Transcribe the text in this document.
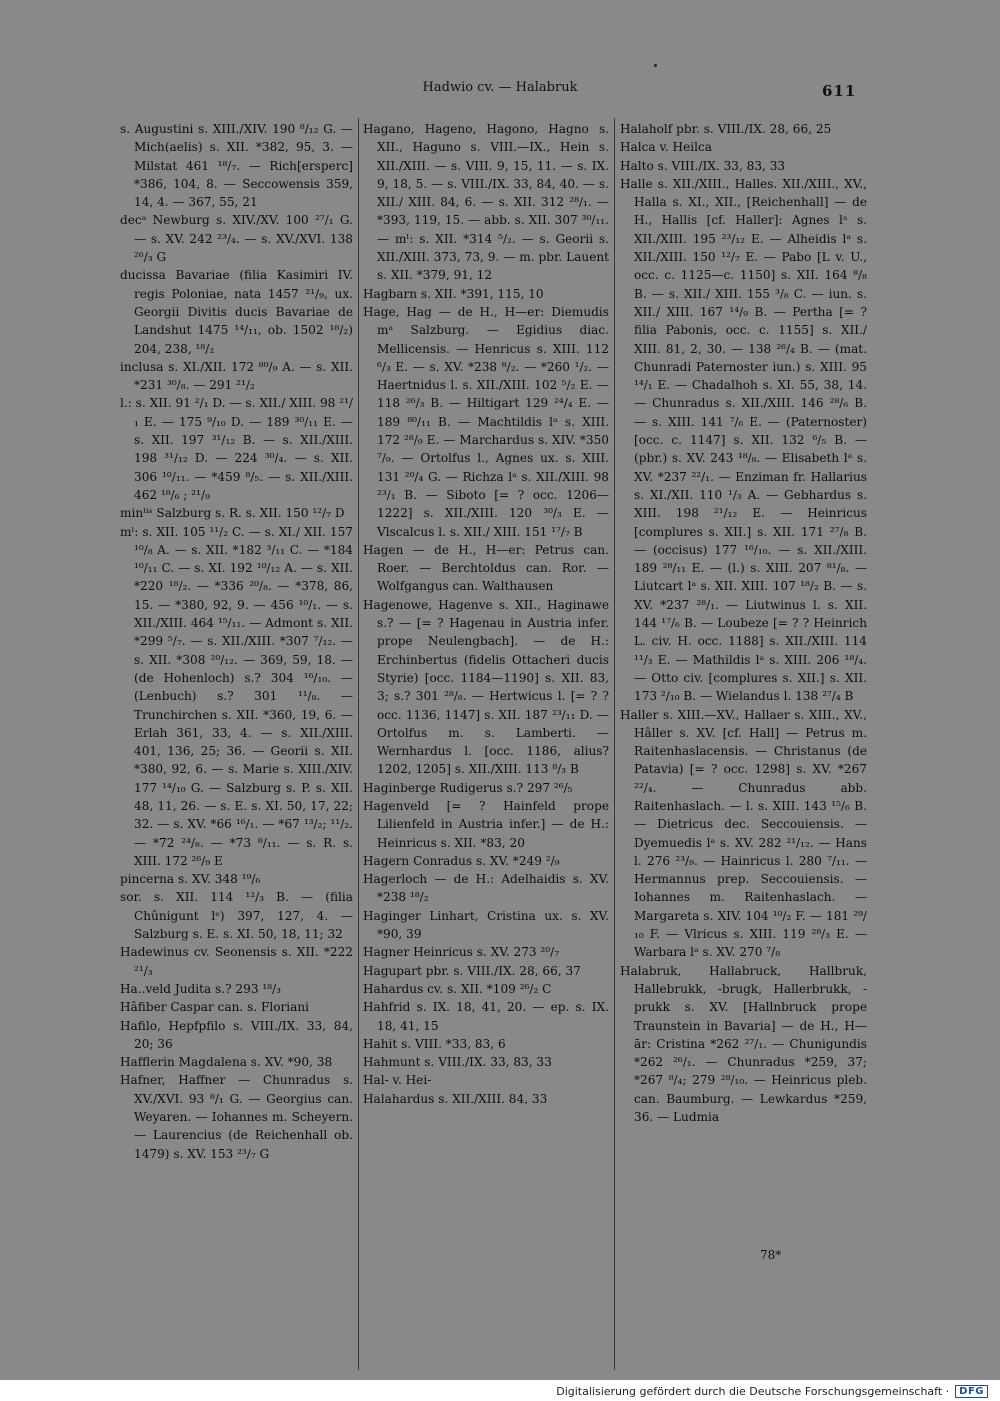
Hadwio cv. — Halabruk	611

s. Augustini s. XIII./XIV. 190 ⁸/₁₂ G. — Mich(aelis) s. XII. *382, 95, 3. — Milstat 461 ¹⁸/₇. — Rich[ersperc] *386, 104, 8. — Seccowensis 359, 14, 4. — 367, 55, 21

decᵃ Newburg s. XIV./XV. 100 ²⁷/₁ G. — s. XV. 242 ²³/₄. — s. XV./XVI. 138 ²⁶/₃ G

ducissa Bavariae (filia Kasimiri IV. regis Poloniae, nata 1457 ²¹/₉, ux. Georgii Divitis ducis Bavariae de Landshut 1475 ¹⁴/₁₁, ob. 1502 ¹⁸/₂) 204, 238, ¹⁸/₂

inclusa s. XI./XII. 172 ⁸⁰/₉ A. — s. XII. *231 ³⁰/₈. — 291 ²¹/₂

l.: s. XII. 91 ²/₁ D. — s. XII./ XIII. 98 ²¹/₁ E. — 175 ⁹/₁₀ D. — 189 ³⁰/₁₁ E. — s. XII. 197 ³¹/₁₂ B. — s. XII./XIII. 198 ³¹/₁₂ D. — 224 ³⁰/₄. — s. XII. 306 ¹⁰/₁₁. — *459 ⁸/₅. — s. XII./XIII. 462 ¹⁸/₆ ; ²¹/₉

minˡⁱˢ Salzburg s. R. s. XII. 150 ¹²/₇ D

mˡ: s. XII. 105 ¹¹/₂ C. — s. XI./ XII. 157 ¹⁰/₈ A. — s. XII. *182 ³/₁₁ C. — *184 ¹⁰/₁₁ C. — s. XI. 192 ¹⁰/₁₂ A. — s. XII. *220 ¹⁸/₂. — *336 ²⁰/₈. — *378, 86, 15. — *380, 92, 9. — 456 ¹⁰/₁. — s. XII./XIII. 464 ¹⁵/₁₁. — Admont s. XII. *299 ⁵/₇. — s. XII./XIII. *307 ⁷/₁₂. — s. XII. *308 ²⁰/₁₂. — 369, 59, 18. — (de Hohenloch) s.? 304 ¹⁶/₁₀. — (Lenbuch) s.? 301 ¹¹/₈. — Trunchirchen s. XII. *360, 19, 6. — Erlah 361, 33, 4. — s. XII./XIII. 401, 136, 25; 36. — Georii s. XII. *380, 92, 6. — s. Marie s. XIII./XIV. 177 ¹⁴/₁₀ G. — Salzburg s. P. s. XII. 48, 11, 26. — s. E. s. XI. 50, 17, 22; 32. — s. XV. *66 ¹⁶/₁. — *67 ¹³/₂; ¹¹/₂. — *72 ²⁴/₈. — *73 ⁸/₁₁. — s. R. s. XIII. 172 ²⁶/₉ E

pincerna s. XV. 348 ¹⁹/₆

sor. s. XII. 114 ¹²/₃ B. — (filia Chûnigunt lᵉ) 397, 127, 4. — Salzburg s. E. s. XI. 50, 18, 11; 32

Hadewinus cv. Seonensis s. XII. *222 ²¹/₃

Ha..veld Judita s.? 293 ¹⁸/₃

Hâfiber Caspar can. s. Floriani

Hafilo, Hepfpfilo s. VIII./IX. 33, 84, 20; 36

Hafflerin Magdalena s. XV. *90, 38

Hafner, Haffner — Chunradus s. XV./XVI. 93 ⁸/₁ G. — Georgius can. Weyaren. — Iohannes m. Scheyern. — Laurencius (de Reichenhall ob. 1479) s. XV. 153 ²³/₇ G

Hagano, Hageno, Hagono, Hagno s. XII., Haguno s. VIII.—IX., Hein s. XII./XIII. — s. VIII. 9, 15, 11. — s. IX. 9, 18, 5. — s. VIII./IX. 33, 84, 40. — s. XII./ XIII. 84, 6. — s. XII. 312 ²⁸/₁. — *393, 119, 15. — abb. s. XII. 307 ³⁰/₁₁. — mˡ: s. XII. *314 ⁵/₂. — s. Georii s. XII./XIII. 373, 73, 9. — m. pbr. Lauent s. XII. *379, 91, 12

Hagbarn s. XII. *391, 115, 10

Hage, Hag — de H., H—er: Diemudis mᵃ Salzburg. — Egidius diac. Mellicensis. — Henricus s. XIII. 112 ⁶/₃ E. — s. XV. *238 ⁸/₂. — *260 ¹/₂. — Haertnidus l. s. XII./XIII. 102 ⁵/₂ E. — 118 ²⁶/₃ B. — Hiltigart 129 ²⁴/₄ E. — 189 ⁸⁰/₁₁ B. — Machtildis lᵃ s. XIII. 172 ²⁸/₉ E. — Marchardus s. XIV. *350 ⁷/₉. — Ortolfus l., Agnes ux. s. XIII. 131 ²⁰/₄ G. — Richza lᵃ s. XII./XIII. 98 ²³/₁ B. — Siboto [= ? occ. 1206—1222] s. XII./XIII. 120 ³⁰/₃ E. — Vlscalcus l. s. XII./ XIII. 151 ¹⁷/₇ B

Hagen — de H., H—er: Petrus can. Roer. — Berchtoldus can. Ror. — Wolfgangus can. Walthausen

Hagenowe, Hagenve s. XII., Haginawe s.? — [= ? Hagenau in Austria infer. prope Neulengbach]. — de H.: Erchinbertus (fidelis Ottacheri ducis Styrie) [occ. 1184—1190] s. XII. 83, 3; s.? 301 ²⁸/₈. — Hertwicus l. [= ? ? occ. 1136, 1147] s. XII. 187 ²³/₁₁ D. — Ortolfus m. s. Lamberti. — Wernhardus l. [occ. 1186, alius? 1202, 1205] s. XII./XIII. 113 ⁸/₃ B

Haginberge Rudigerus s.? 297 ²⁶/₅

Hagenveld [= ? Hainfeld prope Lilienfeld in Austria infer.] — de H.: Heinricus s. XII. *83, 20

Hagern Conradus s. XV. *249 ²/₉

Hagerloch — de H.: Adelhaidis s. XV. *238 ¹⁸/₂

Haginger Linhart, Cristina ux. s. XV. *90, 39

Hagner Heinricus s. XV. 273 ²⁰/₇

Hagupart pbr. s. VIII./IX. 28, 66, 37

Hahardus cv. s. XII. *109 ²⁶/₂ C

Hahfrid s. IX. 18, 41, 20. — ep. s. IX. 18, 41, 15

Hahit s. VIII. *33, 83, 6

Hahmunt s. VIII./IX. 33, 83, 33

Hal- v. Hei-

Halahardus s. XII./XIII. 84, 33

Halaholf pbr. s. VIII./IX. 28, 66, 25

Halca v. Heilca

Halto s. VIII./IX. 33, 83, 33

Halle s. XII./XIII., Halles. XII./XIII., XV., Halla s. XI., XII., [Reichenhall] — de H., Hallis [cf. Haller]: Agnes lᵃ s. XII./XIII. 195 ²³/₁₂ E. — Alheidis lᵃ s. XII./XIII. 150 ¹²/₇ E. — Pabo [L v. U., occ. c. 1125—c. 1150] s. XII. 164 ⁸/₈ B. — s. XII./ XIII. 155 ³/₈ C. — iun. s. XII./ XIII. 167 ¹⁴/₉ B. — Pertha [= ? filia Pabonis, occ. c. 1155] s. XII./ XIII. 81, 2, 30. — 138 ²⁶/₄ B. — (mat. Chunradi Paternoster iun.) s. XIII. 95 ¹⁴/₁ E. — Chadalhoh s. XI. 55, 38, 14. — Chunradus s. XII./XIII. 146 ²⁸/₆ B. — s. XIII. 141 ⁷/₆ E. — (Paternoster) [occ. c. 1147] s. XII. 132 ⁶/₅ B. — (pbr.) s. XV. 243 ¹⁸/₈. — Elisabeth lᵃ s. XV. *237 ²²/₁. — Enziman fr. Hallarius s. XI./XII. 110 ¹/₃ A. — Gebhardus s. XIII. 198 ²¹/₁₂ E. — Heinricus [complures s. XII.] s. XII. 171 ²⁷/₈ B. — (occisus) 177 ¹⁶/₁₀. — s. XII./XIII. 189 ²⁸/₁₁ E. — (l.) s. XIII. 207 ⁸¹/₈. — Liutcart lᵃ s. XII. XIII. 107 ¹⁸/₂ B. — s. XV. *237 ²⁸/₁. — Liutwinus l. s. XII. 144 ¹⁷/₆ B. — Loubeze [= ? ? Heinrich L. civ. H. occ. 1188] s. XII./XIII. 114 ¹¹/₃ E. — Mathildis lᵃ s. XIII. 206 ¹⁸/₄. — Otto civ. [complures s. XII.] s. XII. 173 ²/₁₀ B. — Wielandus l. 138 ²⁷/₄ B

Haller s. XIII.—XV., Hallaer s. XIII., XV., Hâller s. XV. [cf. Hall] — Petrus m. Raitenhaslacensis. — Christanus (de Patavia) [= ? occ. 1298] s. XV. *267 ²²/₄. — Chunradus abb. Raitenhaslach. — l. s. XIII. 143 ¹⁵/₆ B. — Dietricus dec. Seccouiensis. — Dyemuedis lᵃ s. XV. 282 ²¹/₁₂. — Hans l. 276 ²³/₉. — Hainricus l. 280 ⁷/₁₁. — Hermannus prep. Seccouiensis. — Iohannes m. Raitenhaslach. — Margareta s. XIV. 104 ¹⁰/₂ F. — 181 ²⁹/₁₀ F. — Vlricus s. XIII. 119 ²⁸/₃ E. — Warbara lᵃ s. XV. 270 ⁷/₈

Halabruk, Hallabruck, Hallbruk, Hallebrukk, -brugk, Hallerbrukk, -prukk s. XV. [Hallnbruck prope Traunstein in Bavaria] — de H., H—ār: Cristina *262 ²⁷/₁. — Chunigundis *262 ²⁶/₁. — Chunradus *259, 37; *267 ⁸/₄; 279 ²⁸/₁₀. — Heinricus pleb. can. Baumburg. — Lewkardus *259, 36. — Ludmia

78*
Digitalisierung gefördert durch die Deutsche Forschungsgemeinschaft ·	DFG
